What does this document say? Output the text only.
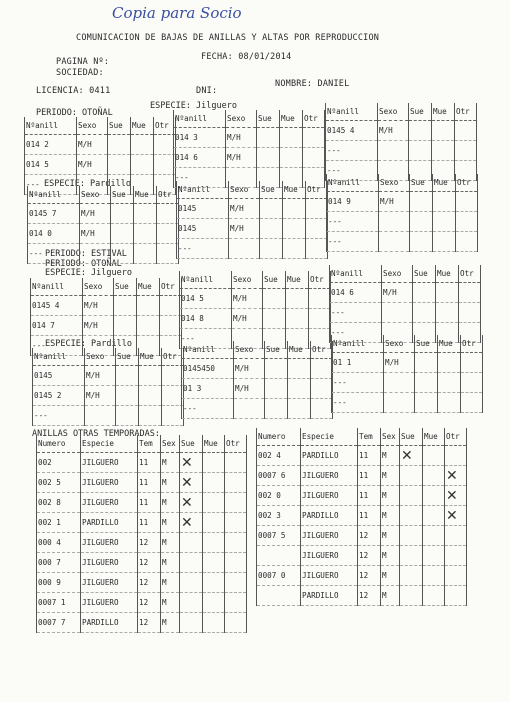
Copia para Socio
COMUNICACION DE BAJAS DE ANILLAS Y ALTAS POR REPRODUCCION
PAGINA Nº:	FECHA: 08/01/2014
SOCIEDAD:
LICENCIA: 0411	DNI:
NOMBRE: DANIEL
PERIODO: OTOÑAL
ESPECIE: Jilguero
ESPECIE: Pardillo
PERIODO: ESTIVAL
PERIODO: OTOÑAL
ESPECIE: Jilguero
ESPECIE: Pardillo
ANILLAS OTRAS TEMPORADAS:
Nºanill	Sexo	Sue	Mue	Otr
014 2	M/H			
014 5	M/H			
---				
Nºanill	Sexo	Sue	Mue	Otr
014 3	M/H			
014 6	M/H			
---				
Nºanill	Sexo	Sue	Mue	Otr
0145 4	M/H			
---				
---				
Nºanill	Sexo	Sue	Mue	Otr
0145 7	M/H			
014 0	M/H			
---				
Nºanill	Sexo	Sue	Mue	Otr
0145	M/H			
0145	M/H			
---				
Nºanill	Sexo	Sue	Mue	Otr
014 9	M/H			
---				
---				
Nºanill	Sexo	Sue	Mue	Otr
0145 4	M/H			
014 7	M/H			
---				
Nºanill	Sexo	Sue	Mue	Otr
014 5	M/H			
014 8	M/H			
---				
Nºanill	Sexo	Sue	Mue	Otr
014 6	M/H			
---				
---				
Nºanill	Sexo	Sue	Mue	Otr
0145	M/H			
0145 2	M/H			
---				
Nºanill	Sexo	Sue	Mue	Otr
0145450	M/H			
01 3	M/H			
---				
Nºanill	Sexo	Sue	Mue	Otr
01 1	M/H			
---				
---				
Numero	Especie	Tem	Sex	Sue	Mue	Otr
002	JILGUERO	11	M	✕		
002 5	JILGUERO	11	M	✕		
002 8	JILGUERO	11	M	✕		
002 1	PARDILLO	11	M	✕		
000 4	JILGUERO	12	M			
000 7	JILGUERO	12	M			
000 9	JILGUERO	12	M			
0007 1	JILGUERO	12	M			
0007 7	PARDILLO	12	M			
Numero	Especie	Tem	Sex	Sue	Mue	Otr
002 4	PARDILLO	11	M	✕		
0007 6	JILGUERO	11	M			✕
002 0	JILGUERO	11	M			✕
002 3	PARDILLO	11	M			✕
0007 5	JILGUERO	12	M			
	JILGUERO	12	M			
0007 0	JILGUERO	12	M			
	PARDILLO	12	M			
